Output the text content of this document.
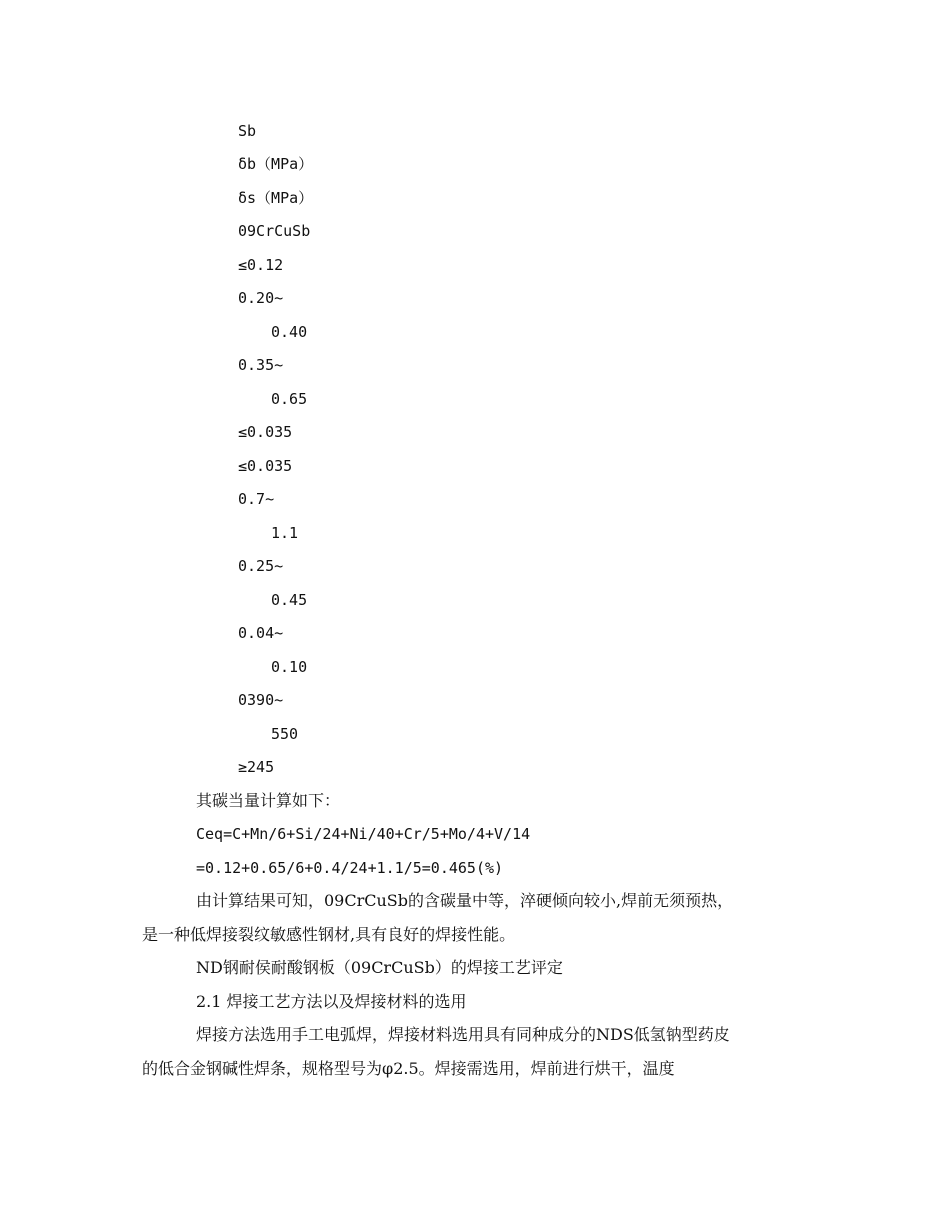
Sb
δb（MPa）
δs（MPa）
09CrCuSb
≤0.12
0.20~
0.40
0.35~
0.65
≤0.035
≤0.035
0.7~
1.1
0.25~
0.45
0.04~
0.10
0390~
550
≥245
其碳当量计算如下：
Ceq=C+Mn/6+Si/24+Ni/40+Cr/5+Mo/4+V/14
=0.12+0.65/6+0.4/24+1.1/5=0.465(%)
由计算结果可知，09CrCuSb的含碳量中等，淬硬倾向较小,焊前无须预热，
是一种低焊接裂纹敏感性钢材,具有良好的焊接性能。
ND钢耐侯耐酸钢板（09CrCuSb）的焊接工艺评定
2.1 焊接工艺方法以及焊接材料的选用
焊接方法选用手工电弧焊，焊接材料选用具有同种成分的NDS低氢钠型药皮
的低合金钢碱性焊条，规格型号为φ2.5。焊接需选用，焊前进行烘干，温度
